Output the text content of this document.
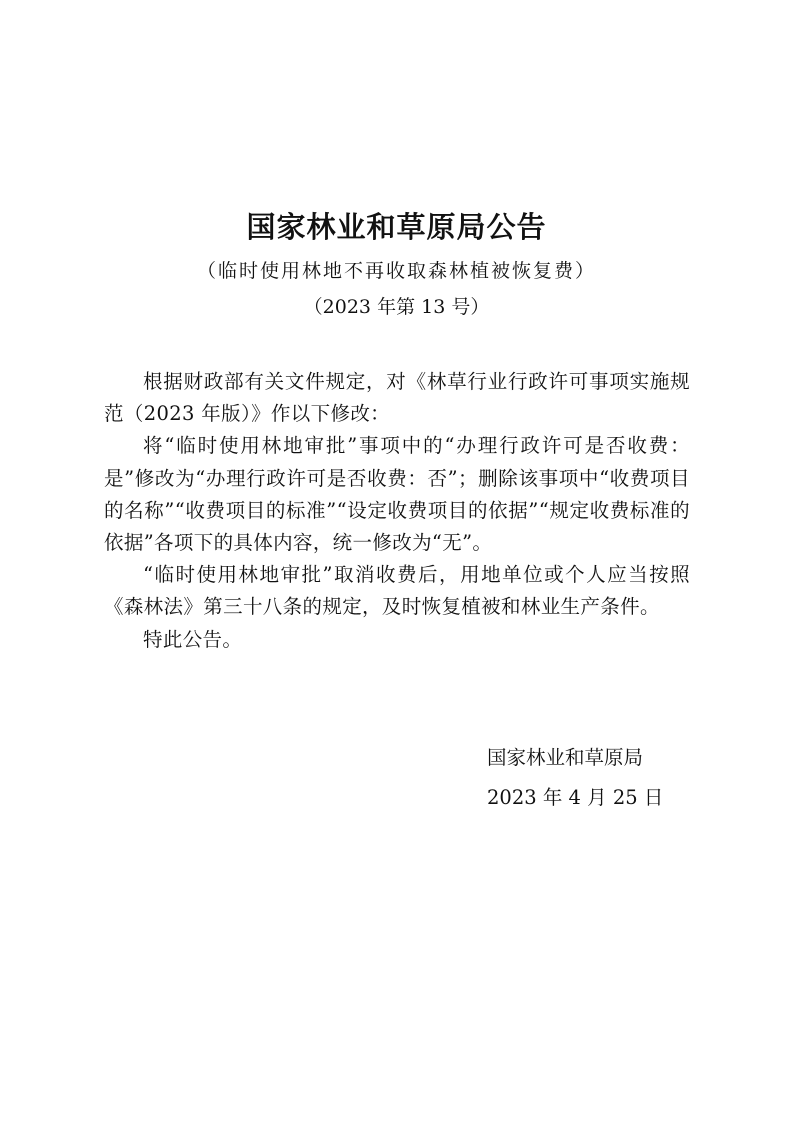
国家林业和草原局公告

（临时使用林地不再收取森林植被恢复费）

（2023 年第 13 号）

根据财政部有关文件规定，对《林草行业行政许可事项实施规范（2023 年版）》作以下修改：

将“临时使用林地审批”事项中的“办理行政许可是否收费：是”修改为“办理行政许可是否收费：否”；删除该事项中“收费项目的名称”“收费项目的标准”“设定收费项目的依据”“规定收费标准的依据”各项下的具体内容，统一修改为“无”。

“临时使用林地审批”取消收费后，用地单位或个人应当按照《森林法》第三十八条的规定，及时恢复植被和林业生产条件。

特此公告。

国家林业和草原局

2023 年 4 月 25 日
